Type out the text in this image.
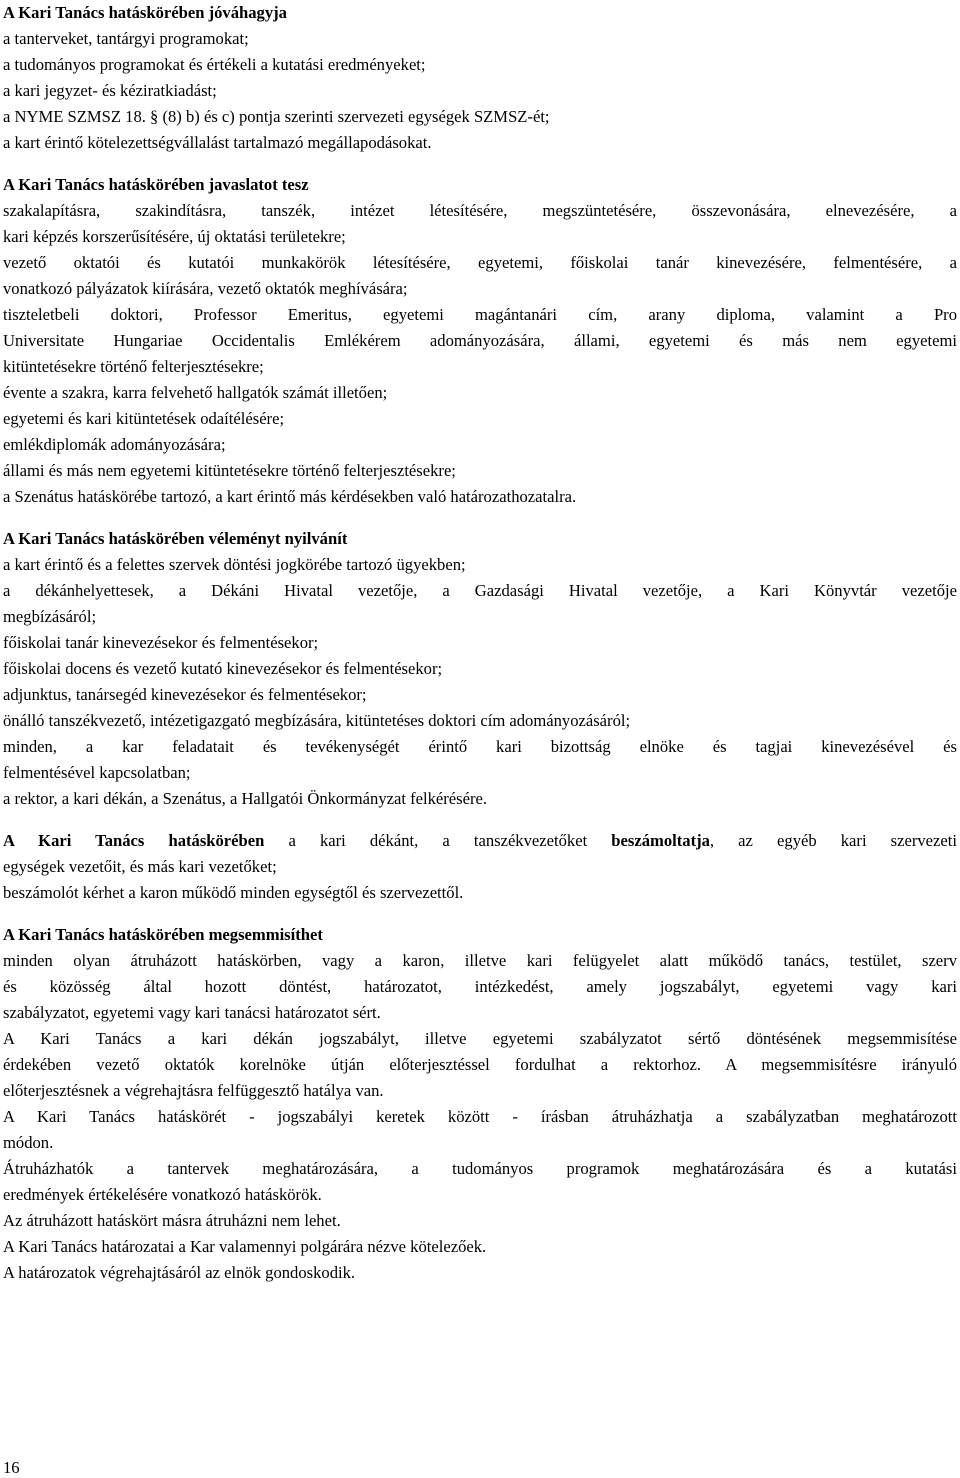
A Kari Tanács hatáskörében jóváhagyja
a tanterveket, tantárgyi programokat;
a tudományos programokat és értékeli a kutatási eredményeket;
a kari jegyzet- és kéziratkiadást;
a NYME SZMSZ 18. § (8) b) és c) pontja szerinti szervezeti egységek SZMSZ-ét;
a kart érintő kötelezettségvállalást tartalmazó megállapodásokat.
A Kari Tanács hatáskörében javaslatot tesz
szakalapításra, szakindításra, tanszék, intézet létesítésére, megszüntetésére, összevonására, elnevezésére, a
kari képzés korszerűsítésére, új oktatási területekre;
vezető oktatói és kutatói munkakörök létesítésére, egyetemi, főiskolai tanár kinevezésére, felmentésére, a
vonatkozó pályázatok kiírására, vezető oktatók meghívására;
tiszteletbeli doktori, Professor Emeritus, egyetemi magántanári cím, arany diploma, valamint a Pro
Universitate Hungariae Occidentalis Emlékérem adományozására, állami, egyetemi és más nem egyetemi
kitüntetésekre történő felterjesztésekre;
évente a szakra, karra felvehető hallgatók számát illetően;
egyetemi és kari kitüntetések odaítélésére;
emlékdiplomák adományozására;
állami és más nem egyetemi kitüntetésekre történő felterjesztésekre;
a Szenátus hatáskörébe tartozó, a kart érintő más kérdésekben való határozathozatalra.
A Kari Tanács hatáskörében véleményt nyilvánít
a kart érintő és a felettes szervek döntési jogkörébe tartozó ügyekben;
a dékánhelyettesek, a Dékáni Hivatal vezetője, a Gazdasági Hivatal vezetője, a Kari Könyvtár vezetője
megbízásáról;
főiskolai tanár kinevezésekor és felmentésekor;
főiskolai docens és vezető kutató kinevezésekor és felmentésekor;
adjunktus, tanársegéd kinevezésekor és felmentésekor;
önálló tanszékvezető, intézetigazgató megbízására, kitüntetéses doktori cím adományozásáról;
minden, a kar feladatait és tevékenységét érintő kari bizottság elnöke és tagjai kinevezésével és
felmentésével kapcsolatban;
a rektor, a kari dékán, a Szenátus, a Hallgatói Önkormányzat felkérésére.
A Kari Tanács hatáskörében a kari dékánt, a tanszékvezetőket beszámoltatja, az egyéb kari szervezeti
egységek vezetőit, és más kari vezetőket;
beszámolót kérhet a karon működő minden egységtől és szervezettől.
A Kari Tanács hatáskörében megsemmisíthet
minden olyan átruházott hatáskörben, vagy a karon, illetve kari felügyelet alatt működő tanács, testület, szerv
és közösség által hozott döntést, határozatot, intézkedést, amely jogszabályt, egyetemi vagy kari
szabályzatot, egyetemi vagy kari tanácsi határozatot sért.
A Kari Tanács a kari dékán jogszabályt, illetve egyetemi szabályzatot sértő döntésének megsemmisítése
érdekében vezető oktatók korelnöke útján előterjesztéssel fordulhat a rektorhoz. A megsemmisítésre irányuló
előterjesztésnek a végrehajtásra felfüggesztő hatálya van.
A Kari Tanács hatáskörét - jogszabályi keretek között - írásban átruházhatja a szabályzatban meghatározott
módon.
Átruházhatók a tantervek meghatározására, a tudományos programok meghatározására és a kutatási
eredmények értékelésére vonatkozó hatáskörök.
Az átruházott hatáskört másra átruházni nem lehet.
A Kari Tanács határozatai a Kar valamennyi polgárára nézve kötelezőek.
A határozatok végrehajtásáról az elnök gondoskodik.
16
